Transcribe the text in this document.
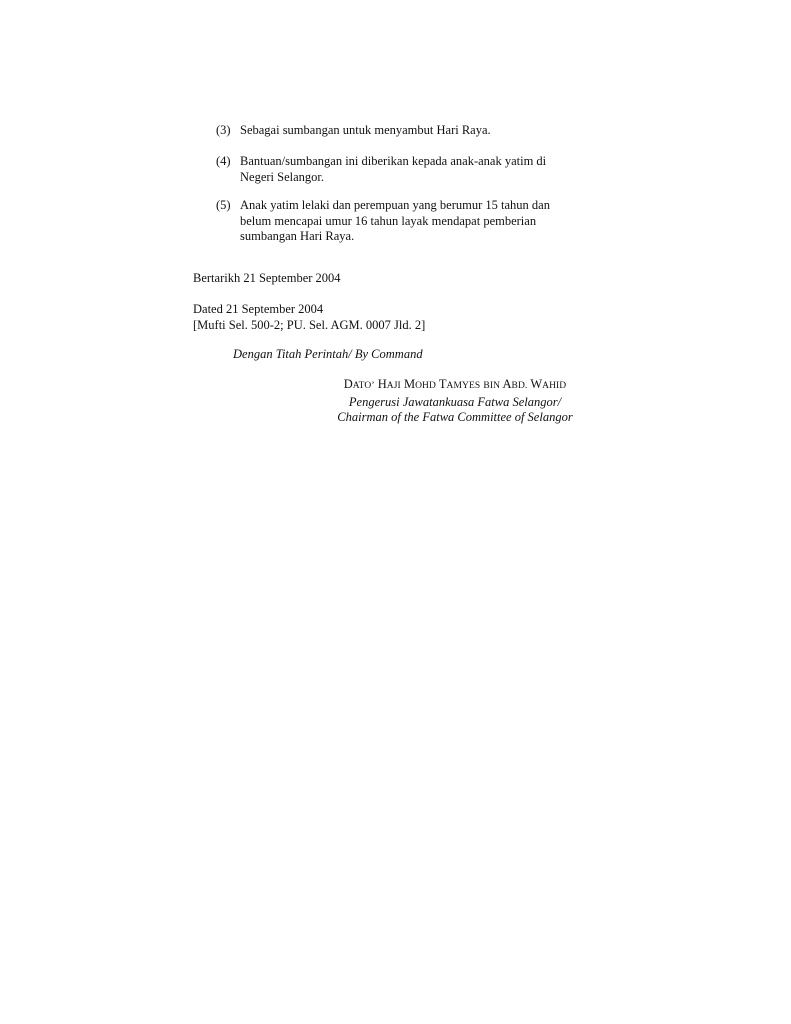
(3) Sebagai sumbangan untuk menyambut Hari Raya.
(4) Bantuan/sumbangan ini diberikan kepada anak-anak yatim di
Negeri Selangor.
(5) Anak yatim lelaki dan perempuan yang berumur 15 tahun dan
belum mencapai umur 16 tahun layak mendapat pemberian
sumbangan Hari Raya.
Bertarikh 21 September 2004
Dated 21 September 2004
[Mufti Sel. 500-2; PU. Sel. AGM. 0007 Jld. 2]
Dengan Titah Perintah/ By Command
DATO’ HAJI MOHD TAMYES BIN ABD. WAHID
Pengerusi Jawatankuasa Fatwa Selangor/
Chairman of the Fatwa Committee of Selangor
